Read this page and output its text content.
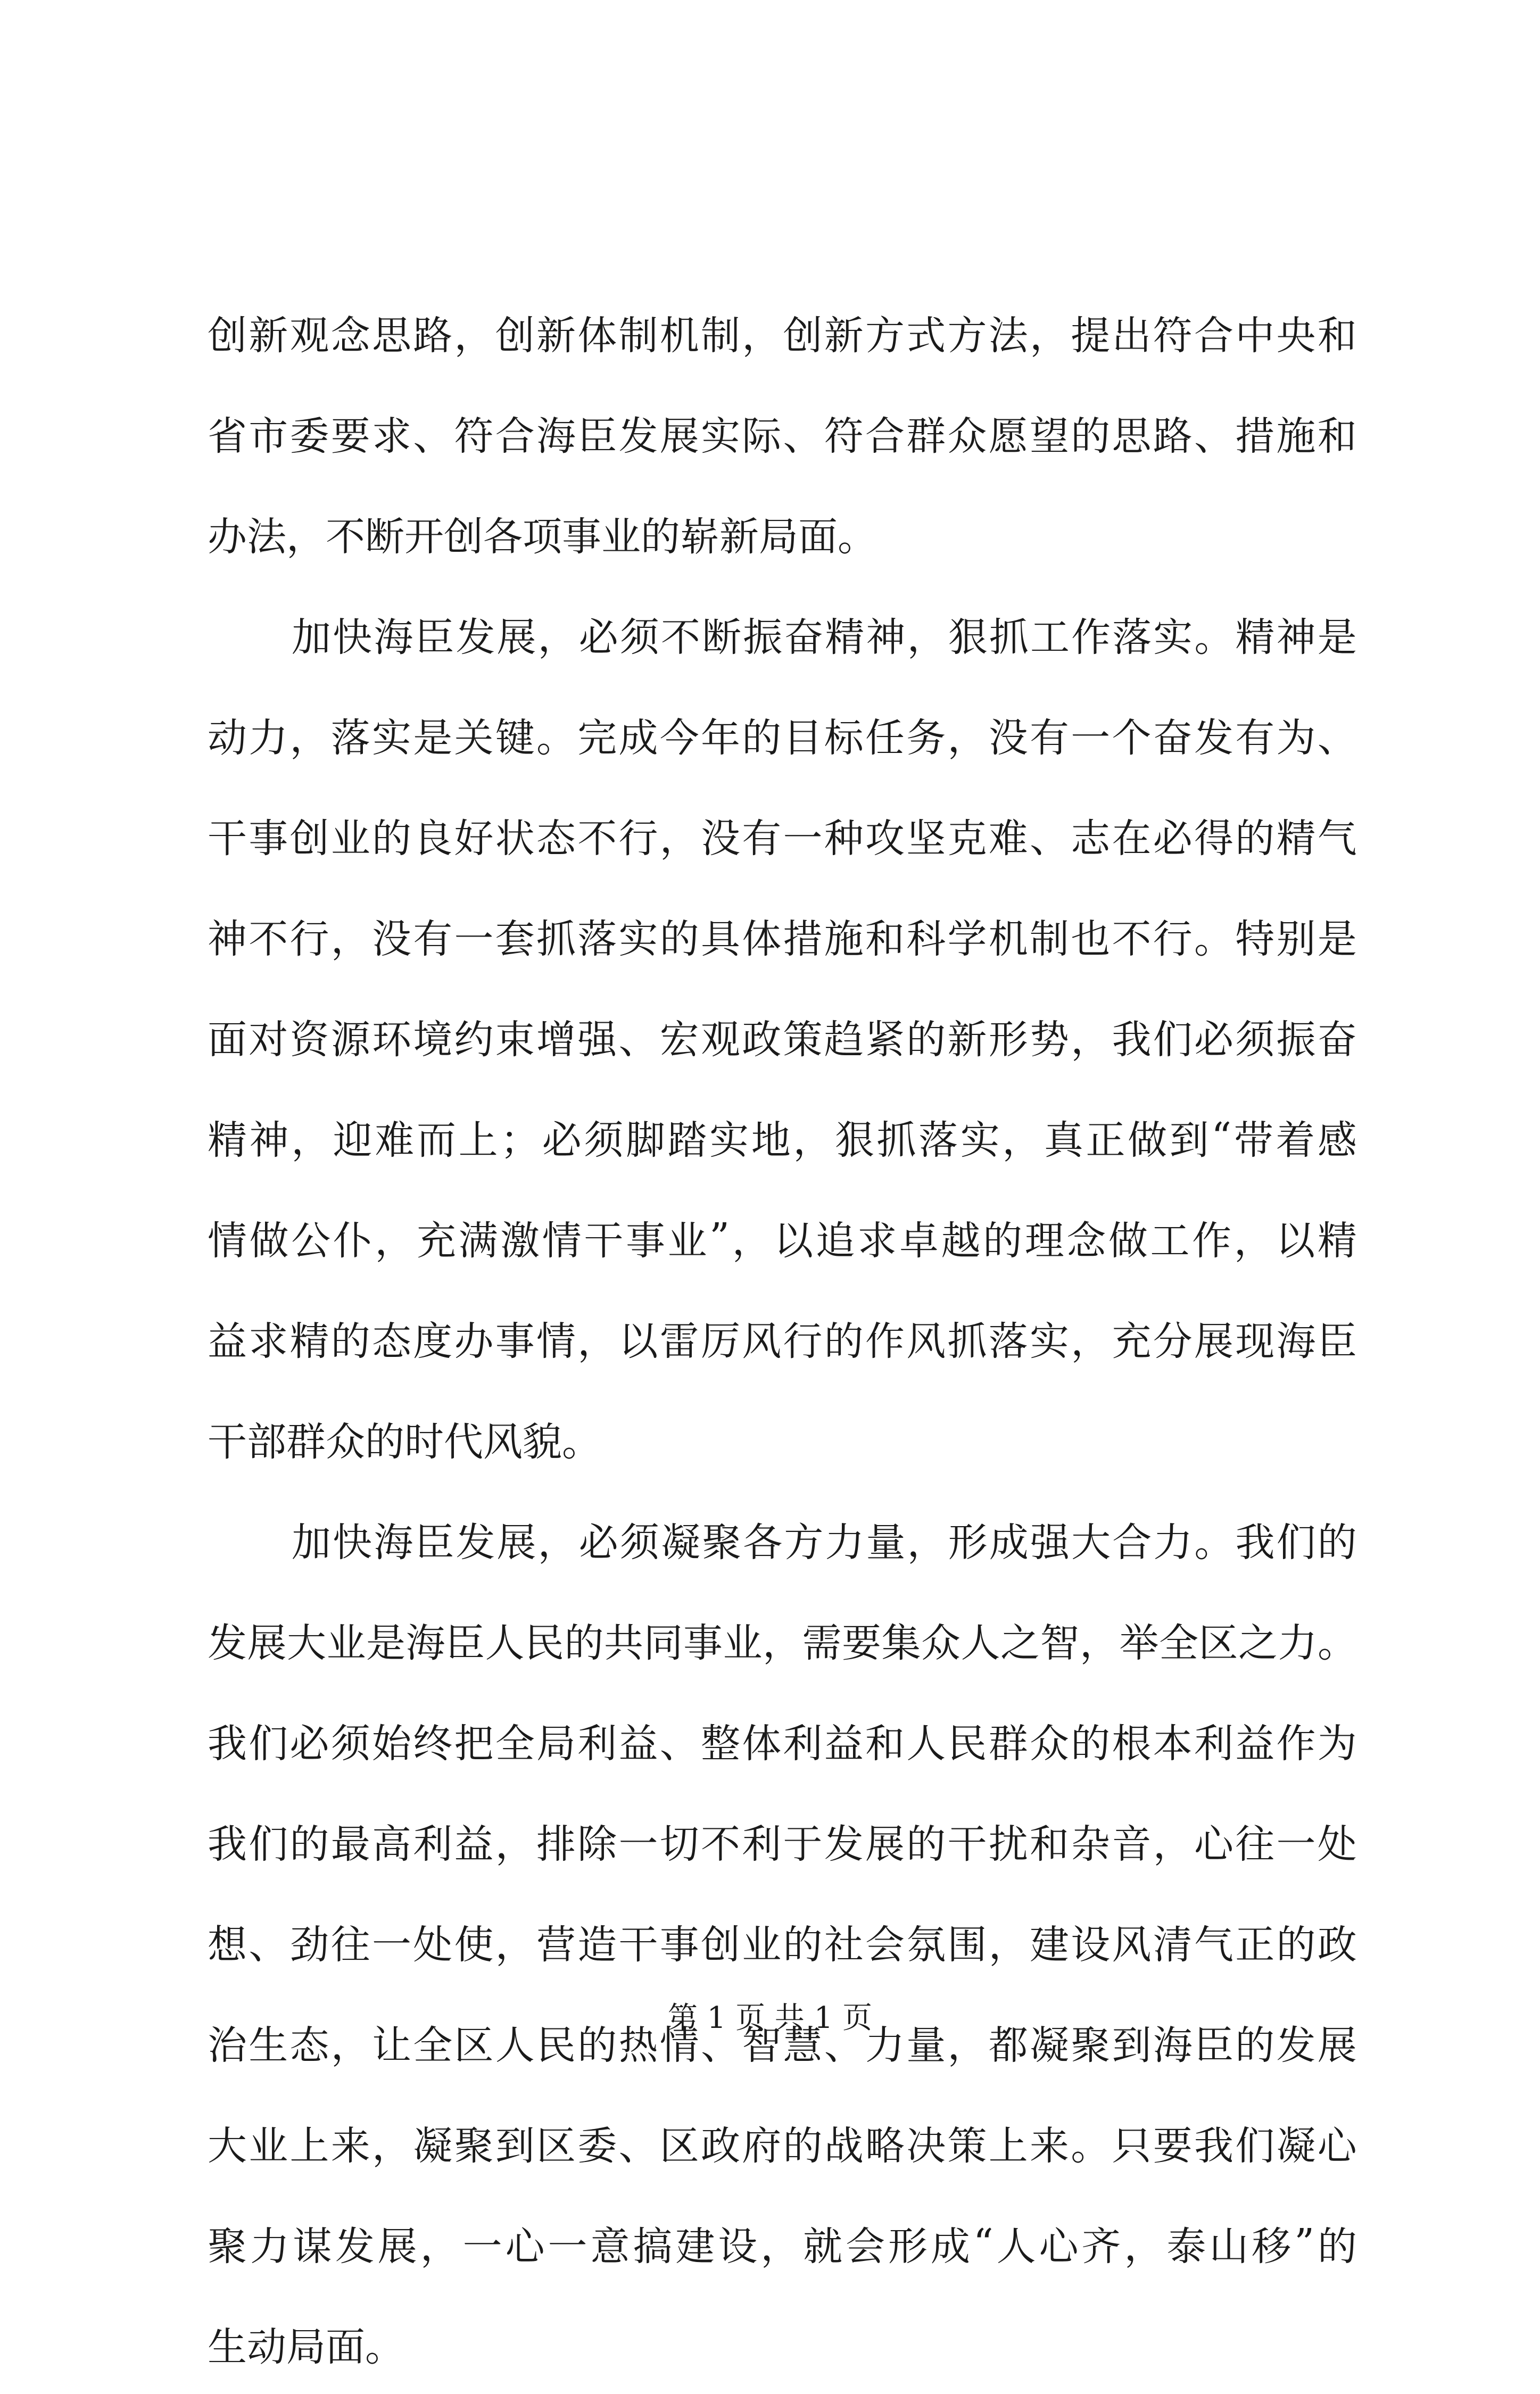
创 新 观 念 思 路 ， 创 新 体 制 机 制 ， 创 新 方 式 方 法 ， 提 出 符 合 中 央 和
省 市 委 要 求 、 符 合 海 臣 发 展 实 际 、 符 合 群 众 愿 望 的 思 路 、 措 施 和
办法，不断开创各项事业的崭新局面。
加 快 海 臣 发 展 ， 必 须 不 断 振 奋 精 神 ， 狠 抓 工 作 落 实 。 精 神 是
动 力 ， 落 实 是 关 键 。 完 成 今 年 的 目 标 任 务 ， 没 有 一 个 奋 发 有 为 、
干 事 创 业 的 良 好 状 态 不 行 ， 没 有 一 种 攻 坚 克 难 、 志 在 必 得 的 精 气
神 不 行 ， 没 有 一 套 抓 落 实 的 具 体 措 施 和 科 学 机 制 也 不 行 。 特 别 是
面 对 资 源 环 境 约 束 增 强 、 宏 观 政 策 趋 紧 的 新 形 势 ， 我 们 必 须 振 奋
精 神 ， 迎 难 而 上 ； 必 须 脚 踏 实 地 ， 狠 抓 落 实 ， 真 正 做 到 “ 带 着 感
情 做 公 仆 ， 充 满 激 情 干 事 业 ” ， 以 追 求 卓 越 的 理 念 做 工 作 ， 以 精
益 求 精 的 态 度 办 事 情 ， 以 雷 厉 风 行 的 作 风 抓 落 实 ， 充 分 展 现 海 臣
干部群众的时代风貌。
加 快 海 臣 发 展 ， 必 须 凝 聚 各 方 力 量 ， 形 成 强 大 合 力 。 我 们 的
发 展 大 业 是 海 臣 人 民 的 共 同 事 业 ， 需 要 集 众 人 之 智 ， 举 全 区 之 力 。
我 们 必 须 始 终 把 全 局 利 益 、 整 体 利 益 和 人 民 群 众 的 根 本 利 益 作 为
我 们 的 最 高 利 益 ， 排 除 一 切 不 利 于 发 展 的 干 扰 和 杂 音 ， 心 往 一 处
想 、 劲 往 一 处 使 ， 营 造 干 事 创 业 的 社 会 氛 围 ， 建 设 风 清 气 正 的 政
治 生 态 ， 让 全 区 人 民 的 热 情 、 智 慧 、 力 量 ， 都 凝 聚 到 海 臣 的 发 展
大 业 上 来 ， 凝 聚 到 区 委 、 区 政 府 的 战 略 决 策 上 来 。 只 要 我 们 凝 心
聚 力 谋 发 展 ， 一 心 一 意 搞 建 设 ， 就 会 形 成 “ 人 心 齐 ， 泰 山 移 ” 的
生动局面。
第 1 页 共 1 页
